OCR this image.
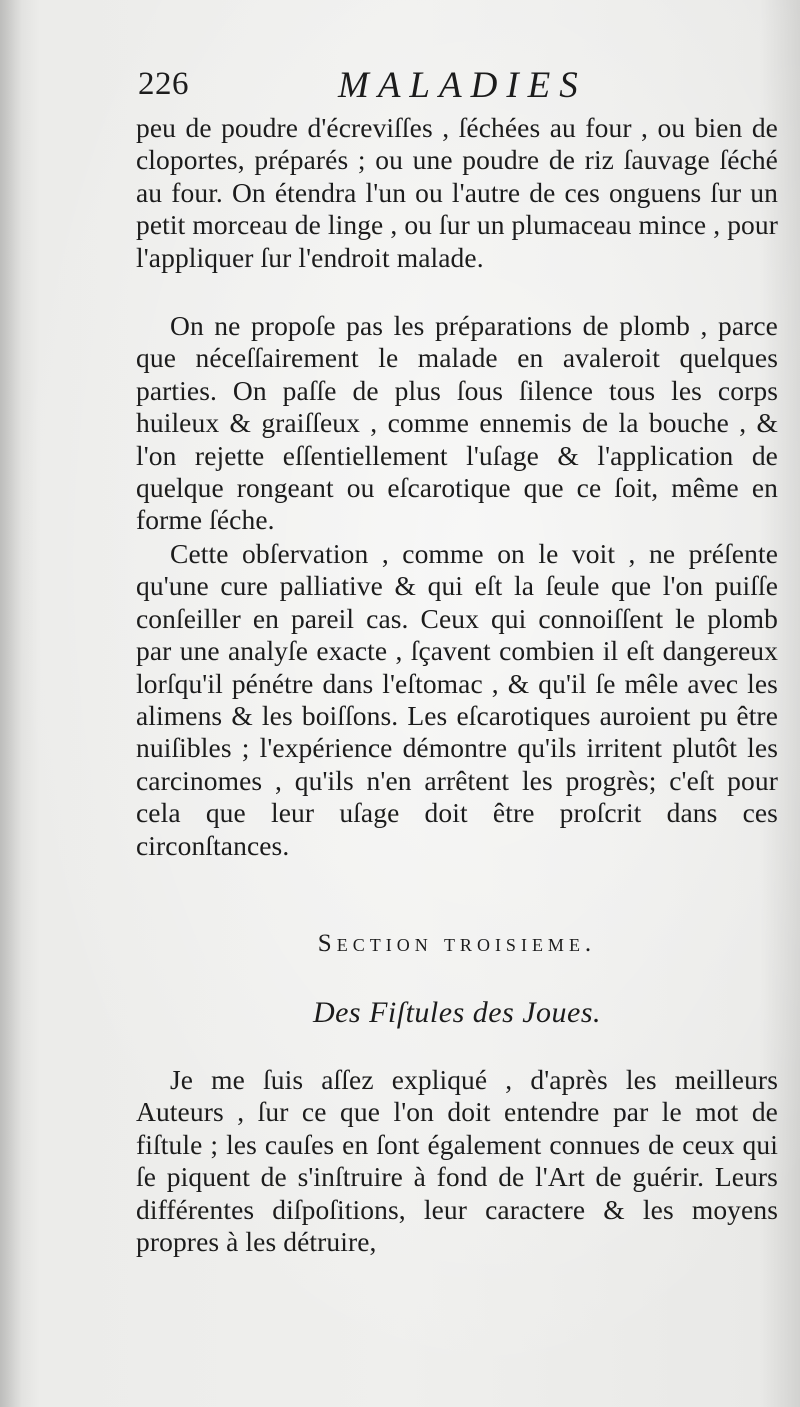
226	MALADIES

peu de poudre d'écreviſſes , ſéchées au four , ou bien de cloportes, préparés ; ou une poudre de riz ſauvage ſéché au four. On étendra l'un ou l'autre de ces onguens ſur un petit morceau de linge , ou ſur un plumaceau mince , pour l'appliquer ſur l'endroit malade.

On ne propoſe pas les préparations de plomb , parce que néceſſairement le malade en avaleroit quelques parties. On paſſe de plus ſous ſilence tous les corps huileux & graiſſeux , comme ennemis de la bouche , & l'on rejette eſſentiellement l'uſage & l'application de quelque rongeant ou eſcarotique que ce ſoit, même en forme ſéche.

Cette obſervation , comme on le voit , ne préſente qu'une cure palliative & qui eſt la ſeule que l'on puiſſe conſeiller en pareil cas. Ceux qui connoiſſent le plomb par une analyſe exacte , ſçavent combien il eſt dangereux lorſqu'il pénétre dans l'eſtomac , & qu'il ſe mêle avec les alimens & les boiſſons. Les eſcarotiques auroient pu être nuiſibles ; l'expérience démontre qu'ils irritent plutôt les carcinomes , qu'ils n'en arrêtent les progrès; c'eſt pour cela que leur uſage doit être proſcrit dans ces circonſtances.

Section troisieme.
Des Fiſtules des Joues.

Je me ſuis aſſez expliqué , d'après les meilleurs Auteurs , ſur ce que l'on doit entendre par le mot de fiſtule ; les cauſes en ſont également connues de ceux qui ſe piquent de s'inſtruire à fond de l'Art de guérir. Leurs différentes diſpoſitions, leur caractere & les moyens propres à les détruire,
